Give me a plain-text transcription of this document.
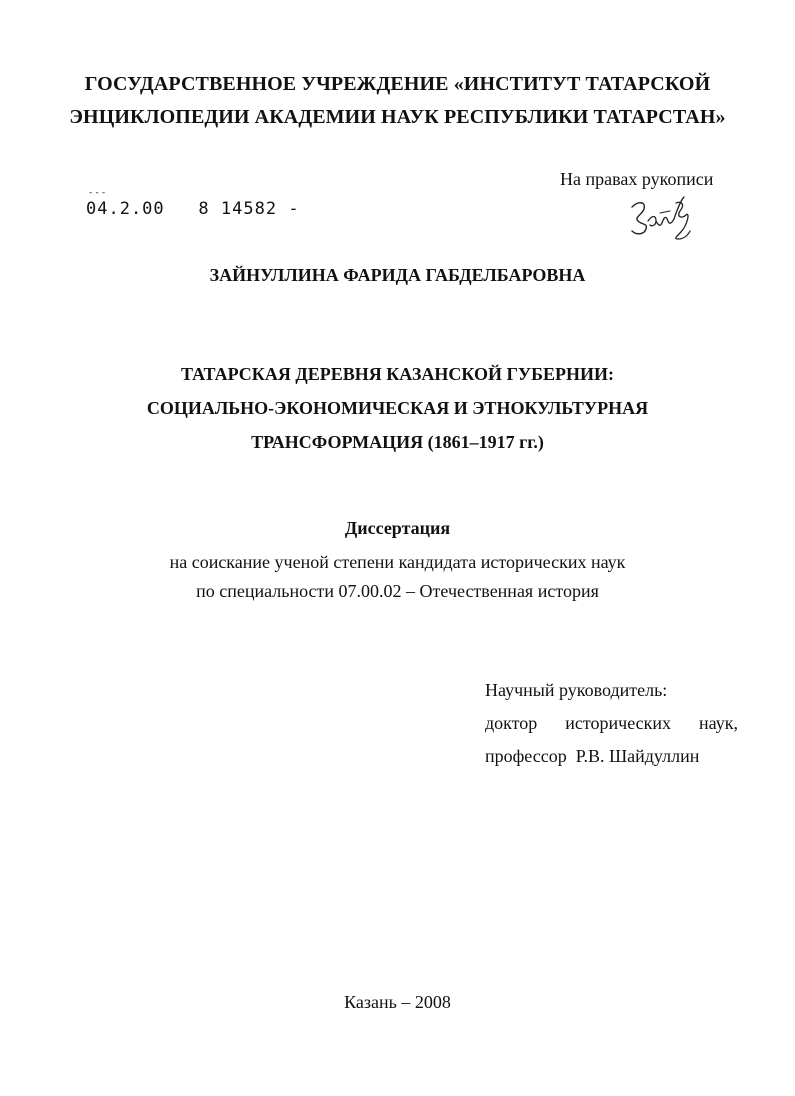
ГОСУДАРСТВЕННОЕ УЧРЕЖДЕНИЕ «ИНСТИТУТ ТАТАРСКОЙ
ЭНЦИКЛОПЕДИИ АКАДЕМИИ НАУК РЕСПУБЛИКИ ТАТАРСТАН»
На правах рукописи
---
04.2.00 8 14582 -
ЗАЙНУЛЛИНА ФАРИДА ГАБДЕЛБАРОВНА
ТАТАРСКАЯ ДЕРЕВНЯ КАЗАНСКОЙ ГУБЕРНИИ:
СОЦИАЛЬНО-ЭКОНОМИЧЕСКАЯ И ЭТНОКУЛЬТУРНАЯ
ТРАНСФОРМАЦИЯ (1861–1917 гг.)
Диссертация
на соискание ученой степени кандидата исторических наук
по специальности 07.00.02 – Отечественная история
Научный руководитель:
доктор исторических наук,
профессор  Р.В. Шайдуллин
Казань – 2008
